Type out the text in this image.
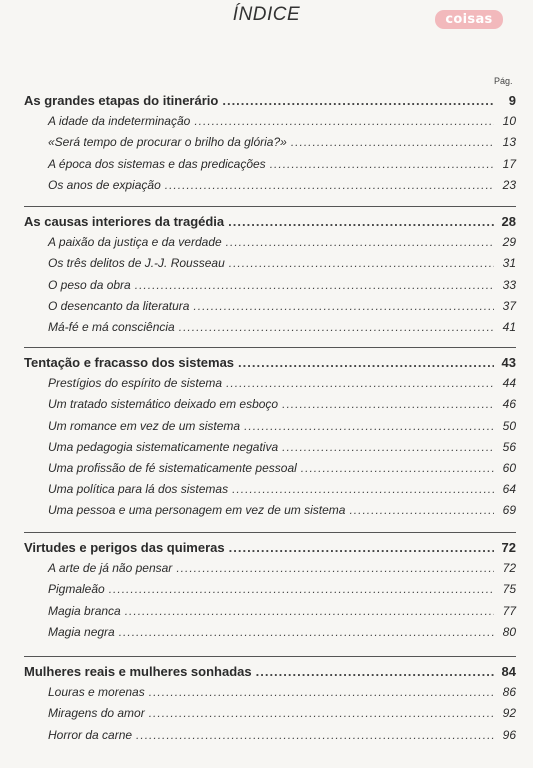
ÍNDICE	coisas
Pág.
As grandes etapas do itinerário .....	9
A idade da indeterminação .....	10
«Será tempo de procurar o brilho da glória?» .....	13
A época dos sistemas e das predicações .....	17
Os anos de expiação .....	23
As causas interiores da tragédia .....	28
A paixão da justiça e da verdade .....	29
Os três delitos de J.-J. Rousseau .....	31
O peso da obra .....	33
O desencanto da literatura .....	37
Má-fé e má consciência .....	41
Tentação e fracasso dos sistemas .....	43
Prestígios do espírito de sistema .....	44
Um tratado sistemático deixado em esboço .....	46
Um romance em vez de um sistema .....	50
Uma pedagogia sistematicamente negativa .....	56
Uma profissão de fé sistematicamente pessoal .....	60
Uma política para lá dos sistemas .....	64
Uma pessoa e uma personagem em vez de um sistema .....	69
Virtudes e perigos das quimeras .....	72
A arte de já não pensar .....	72
Pigmaleão .....	75
Magia branca .....	77
Magia negra .....	80
Mulheres reais e mulheres sonhadas .....	84
Louras e morenas .....	86
Miragens do amor .....	92
Horror da carne .....	96
